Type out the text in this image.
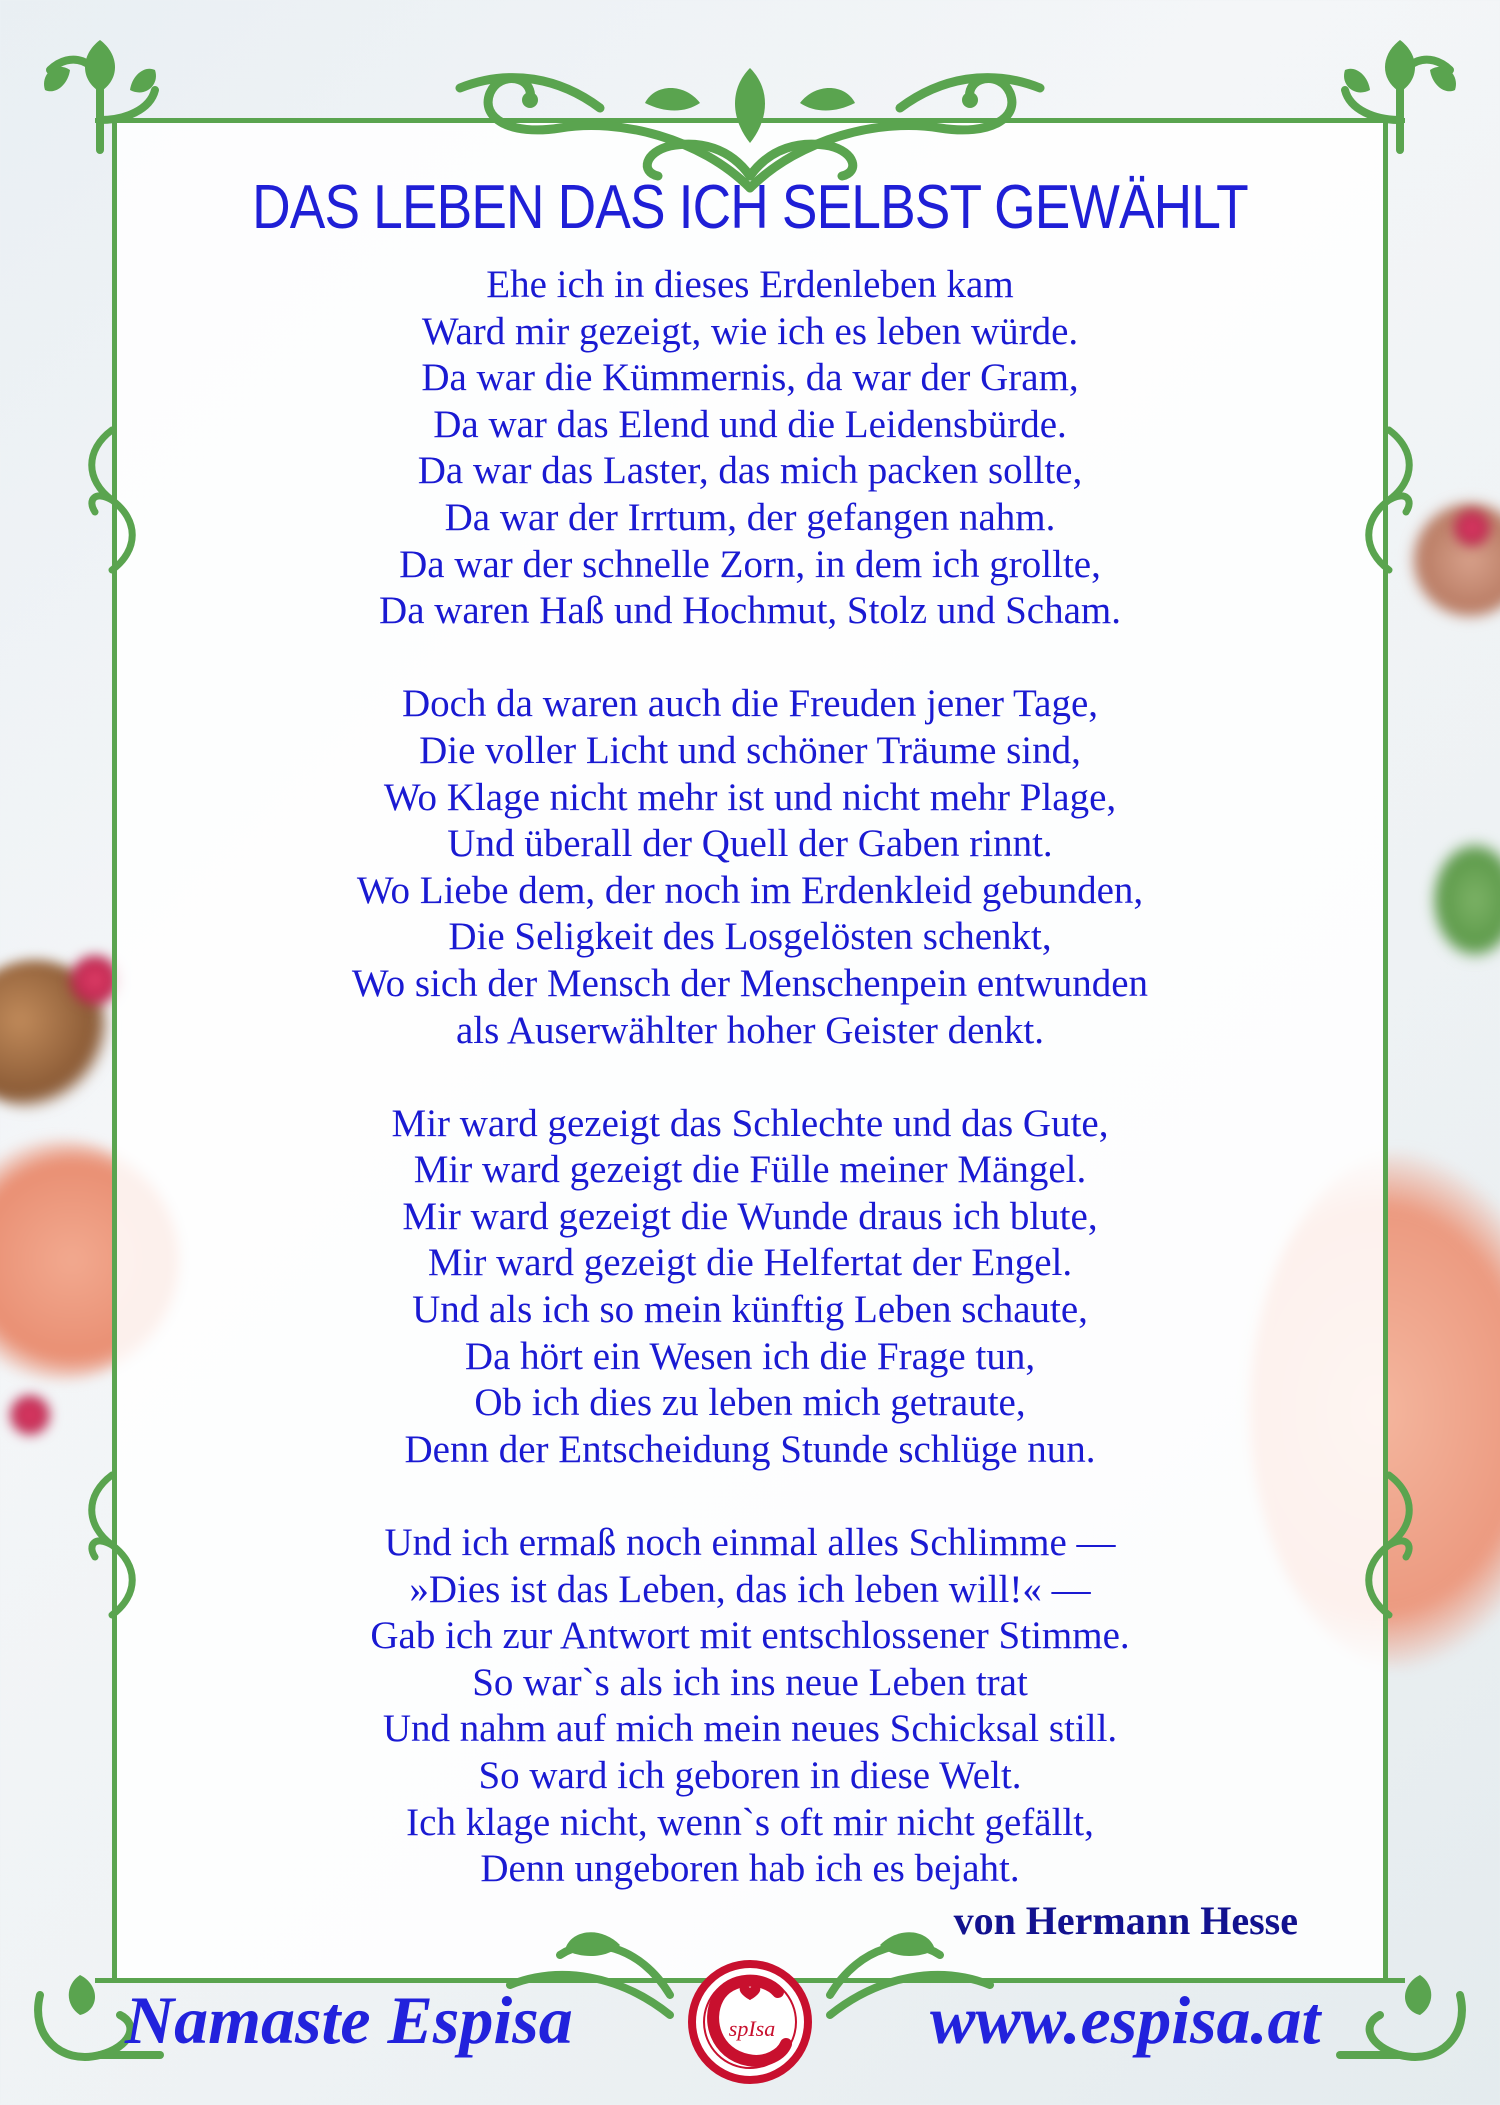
DAS LEBEN DAS ICH SELBST GEWÄHLT
Ehe ich in dieses Erdenleben kam
Ward mir gezeigt, wie ich es leben würde.
Da war die Kümmernis, da war der Gram,
Da war das Elend und die Leidensbürde.
Da war das Laster, das mich packen sollte,
Da war der Irrtum, der gefangen nahm.
Da war der schnelle Zorn, in dem ich grollte,
Da waren Haß und Hochmut, Stolz und Scham.
Doch da waren auch die Freuden jener Tage,
Die voller Licht und schöner Träume sind,
Wo Klage nicht mehr ist und nicht mehr Plage,
Und überall der Quell der Gaben rinnt.
Wo Liebe dem, der noch im Erdenkleid gebunden,
Die Seligkeit des Losgelösten schenkt,
Wo sich der Mensch der Menschenpein entwunden
als Auserwählter hoher Geister denkt.
Mir ward gezeigt das Schlechte und das Gute,
Mir ward gezeigt die Fülle meiner Mängel.
Mir ward gezeigt die Wunde draus ich blute,
Mir ward gezeigt die Helfertat der Engel.
Und als ich so mein künftig Leben schaute,
Da hört ein Wesen ich die Frage tun,
Ob ich dies zu leben mich getraute,
Denn der Entscheidung Stunde schlüge nun.
Und ich ermaß noch einmal alles Schlimme —
»Dies ist das Leben, das ich leben will!« —
Gab ich zur Antwort mit entschlossener Stimme.
So war`s als ich ins neue Leben trat
Und nahm auf mich mein neues Schicksal still.
So ward ich geboren in diese Welt.
Ich klage nicht, wenn`s oft mir nicht gefällt,
Denn ungeboren hab ich es bejaht.
von Hermann Hesse
Namaste Espisa	spIsa www.espisa.at
